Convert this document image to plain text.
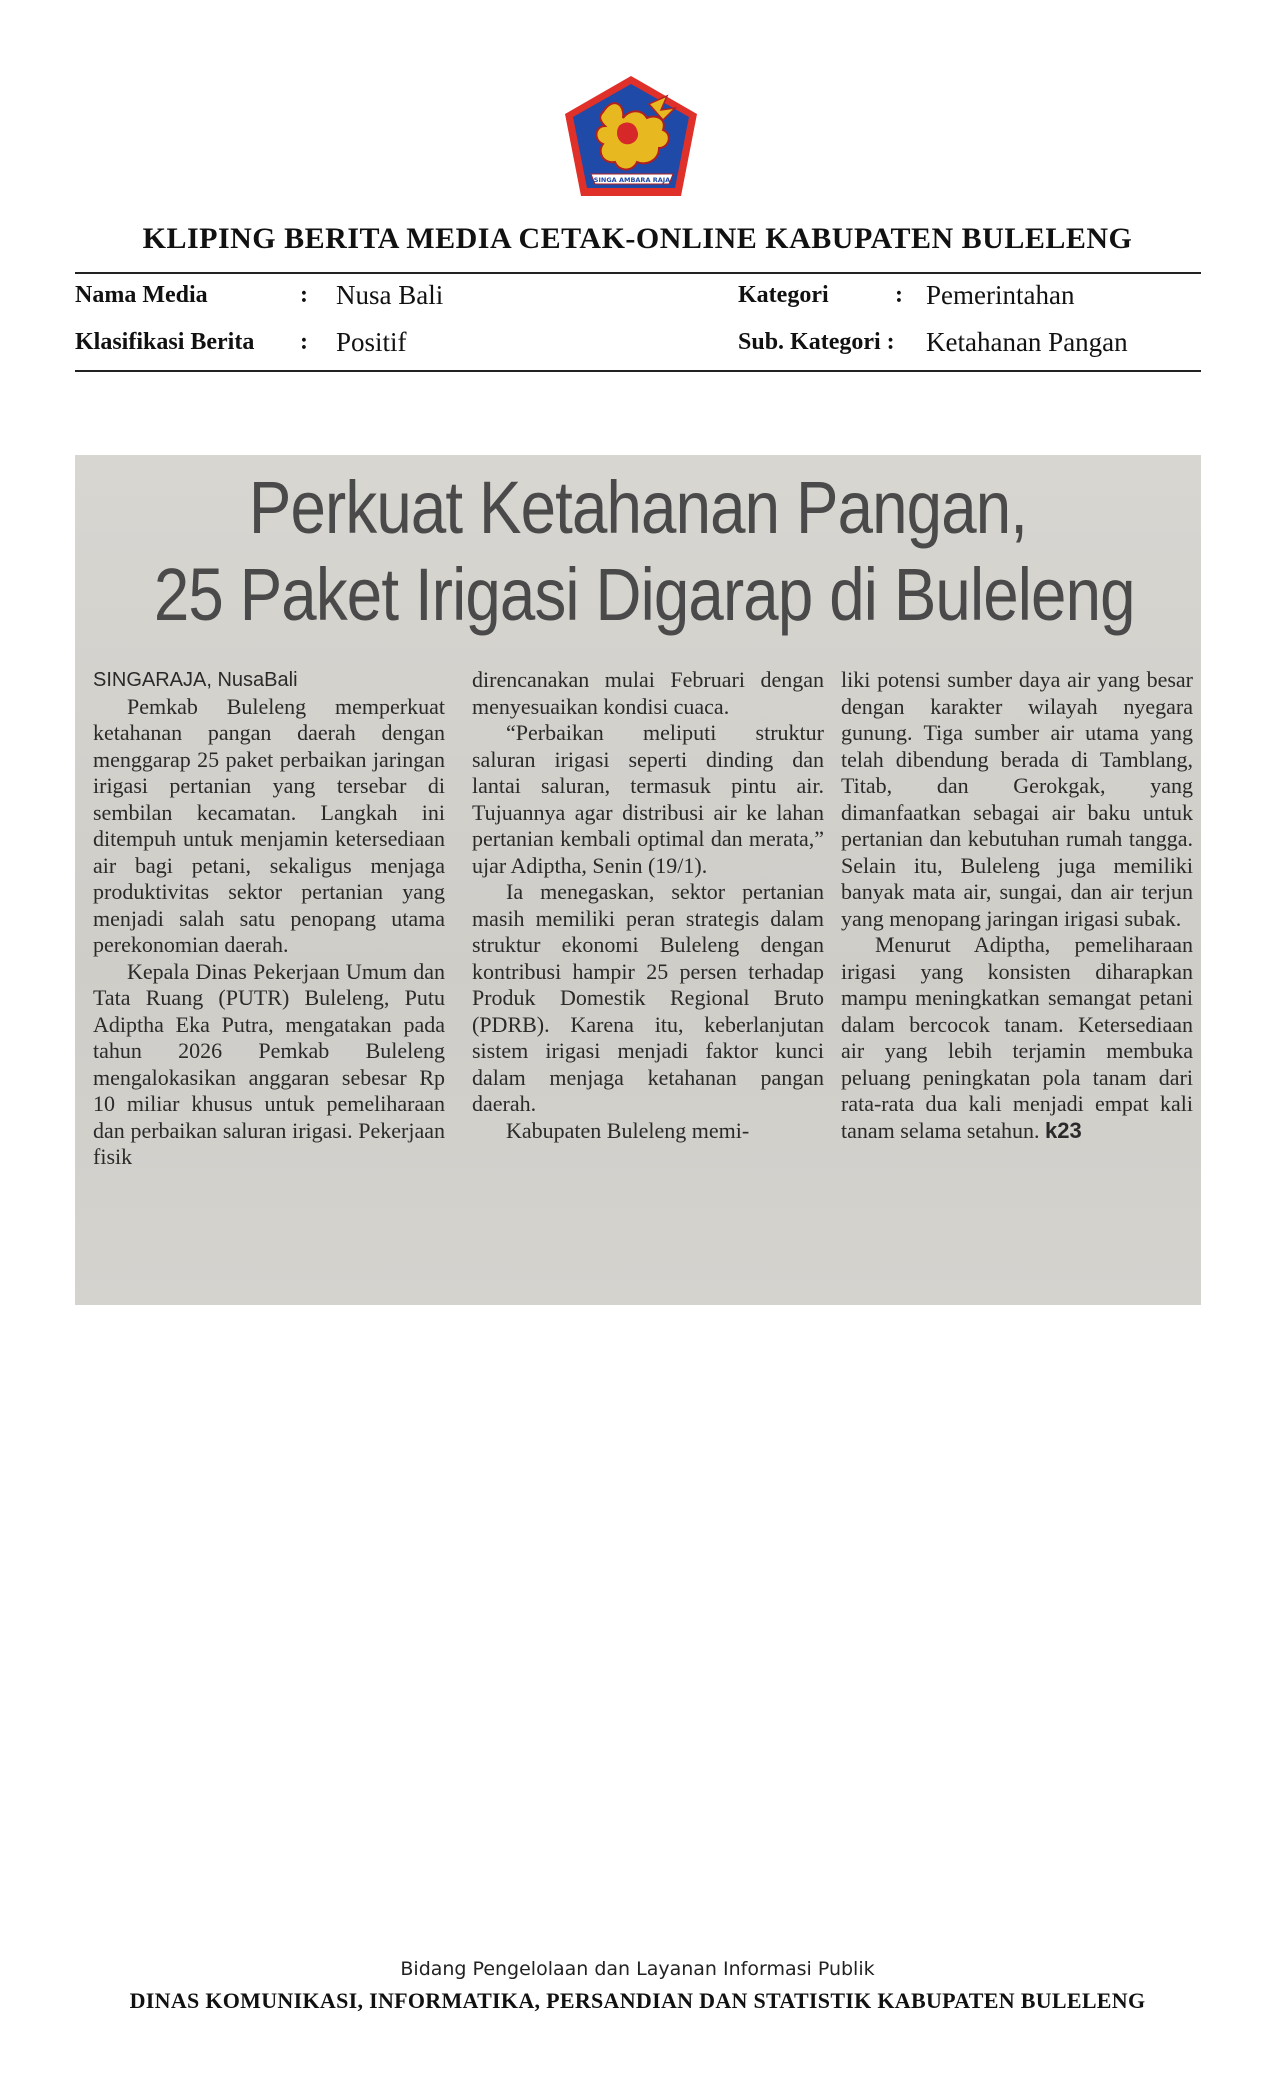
SINGA AMBARA RAJA
KLIPING BERITA MEDIA CETAK-ONLINE KABUPATEN BULELENG
Nama Media	: Nusa Bali
Klasifikasi Berita : Positif
Kategori	: Pemerintahan
Sub. Kategori : Ketahanan Pangan
Perkuat Ketahanan Pangan,
25 Paket Irigasi Digarap di Buleleng

SINGARAJA, NusaBali

Pemkab Buleleng memperkuat ketahanan pangan daerah dengan menggarap 25 paket perbaikan jaringan irigasi pertanian yang tersebar di sembilan kecamatan. Langkah ini ditempuh untuk menjamin ketersediaan air bagi petani, sekaligus menjaga produktivitas sektor pertanian yang menjadi salah satu penopang utama perekonomian daerah.

Kepala Dinas Pekerjaan Umum dan Tata Ruang (PUTR) Buleleng, Putu Adiptha Eka Putra, mengatakan pada tahun 2026 Pemkab Buleleng mengalokasikan anggaran sebesar Rp 10 miliar khusus untuk pemeliharaan dan perbaikan saluran irigasi. Pekerjaan fisik

direncanakan mulai Februari dengan menyesuaikan kondisi cuaca.

“Perbaikan meliputi struktur saluran irigasi seperti dinding dan lantai saluran, termasuk pintu air. Tujuannya agar distribusi air ke lahan pertanian kembali optimal dan merata,” ujar Adiptha, Senin (19/1).

Ia menegaskan, sektor pertanian masih memiliki peran strategis dalam struktur ekonomi Buleleng dengan kontribusi hampir 25 persen terhadap Produk Domestik Regional Bruto (PDRB). Karena itu, keberlanjutan sistem irigasi menjadi faktor kunci dalam menjaga ketahanan pangan daerah.

Kabupaten Buleleng memi-

liki potensi sumber daya air yang besar dengan karakter wilayah nyegara gunung. Tiga sumber air utama yang telah dibendung berada di Tamblang, Titab, dan Gerokgak, yang dimanfaatkan sebagai air baku untuk pertanian dan kebutuhan rumah tangga. Selain itu, Buleleng juga memiliki banyak mata air, sungai, dan air terjun yang menopang jaringan irigasi subak.

Menurut Adiptha, pemeliharaan irigasi yang konsisten diharapkan mampu meningkatkan semangat petani dalam bercocok tanam. Ketersediaan air yang lebih terjamin membuka peluang peningkatan pola tanam dari rata-rata dua kali menjadi empat kali tanam selama setahun. k23

Bidang Pengelolaan dan Layanan Informasi Publik
DINAS KOMUNIKASI, INFORMATIKA, PERSANDIAN DAN STATISTIK KABUPATEN BULELENG
